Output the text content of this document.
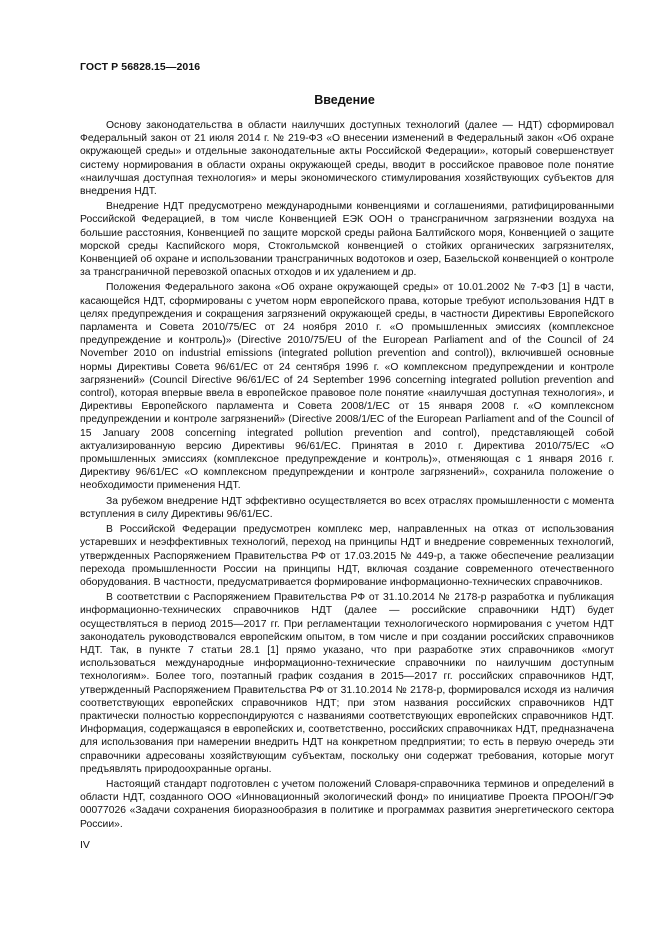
ГОСТ Р 56828.15—2016
Введение

Основу законодательства в области наилучших доступных технологий (далее — НДТ) сформировал Федеральный закон от 21 июля 2014 г. № 219-ФЗ «О внесении изменений в Федеральный закон «Об охране окружающей среды» и отдельные законодательные акты Российской Федерации», который совершенствует систему нормирования в области охраны окружающей среды, вводит в российское правовое поле понятие «наилучшая доступная технология» и меры экономического стимулирования хозяйствующих субъектов для внедрения НДТ.

Внедрение НДТ предусмотрено международными конвенциями и соглашениями, ратифицированными Российской Федерацией, в том числе Конвенцией ЕЭК ООН о трансграничном загрязнении воздуха на большие расстояния, Конвенцией по защите морской среды района Балтийского моря, Конвенцией о защите морской среды Каспийского моря, Стокгольмской конвенцией о стойких органических загрязнителях, Конвенцией об охране и использовании трансграничных водотоков и озер, Базельской конвенцией о контроле за трансграничной перевозкой опасных отходов и их удалением и др.

Положения Федерального закона «Об охране окружающей среды» от 10.01.2002 № 7-ФЗ [1] в части, касающейся НДТ, сформированы с учетом норм европейского права, которые требуют использования НДТ в целях предупреждения и сокращения загрязнений окружающей среды, в частности Директивы Европейского парламента и Совета 2010/75/ЕС от 24 ноября 2010 г. «О промышленных эмиссиях (комплексное предупреждение и контроль)» (Directive 2010/75/EU of the European Parliament and of the Council of 24 November 2010 on industrial emissions (integrated pollution prevention and control)), включившей основные нормы Директивы Совета 96/61/ЕС от 24 сентября 1996 г. «О комплексном предупреждении и контроле загрязнений» (Council Directive 96/61/EC of 24 September 1996 concerning integrated pollution prevention and control), которая впервые ввела в европейское правовое поле понятие «наилучшая доступная технология», и Директивы Европейского парламента и Совета 2008/1/ЕС от 15 января 2008 г. «О комплексном предупреждении и контроле загрязнений» (Directive 2008/1/EC of the European Parliament and of the Council of 15 January 2008 concerning integrated pollution prevention and control), представляющей собой актуализированную версию Директивы 96/61/ЕС. Принятая в 2010 г. Директива 2010/75/ЕС «О промышленных эмиссиях (комплексное предупреждение и контроль)», отменяющая с 1 января 2016 г. Директиву 96/61/ЕС «О комплексном предупреждении и контроле загрязнений», сохранила положение о необходимости применения НДТ.

За рубежом внедрение НДТ эффективно осуществляется во всех отраслях промышленности с момента вступления в силу Директивы 96/61/ЕС.

В Российской Федерации предусмотрен комплекс мер, направленных на отказ от использования устаревших и неэффективных технологий, переход на принципы НДТ и внедрение современных технологий, утвержденных Распоряжением Правительства РФ от 17.03.2015 № 449-р, а также обеспечение реализации перехода промышленности России на принципы НДТ, включая создание современного отечественного оборудования. В частности, предусматривается формирование информационно-технических справочников.

В соответствии с Распоряжением Правительства РФ от 31.10.2014 № 2178-р разработка и публикация информационно-технических справочников НДТ (далее — российские справочники НДТ) будет осуществляться в период 2015—2017 гг. При регламентации технологического нормирования с учетом НДТ законодатель руководствовался европейским опытом, в том числе и при создании российских справочников НДТ. Так, в пункте 7 статьи 28.1 [1] прямо указано, что при разработке этих справочников «могут использоваться международные информационно-технические справочники по наилучшим доступным технологиям». Более того, поэтапный график создания в 2015—2017 гг. российских справочников НДТ, утвержденный Распоряжением Правительства РФ от 31.10.2014 № 2178-р, формировался исходя из наличия соответствующих европейских справочников НДТ; при этом названия российских справочников НДТ практически полностью корреспондируются с названиями соответствующих европейских справочников НДТ. Информация, содержащаяся в европейских и, соответственно, российских справочниках НДТ, предназначена для использования при намерении внедрить НДТ на конкретном предприятии; то есть в первую очередь эти справочники адресованы хозяйствующим субъектам, поскольку они содержат требования, которые могут предъявлять природоохранные органы.

Настоящий стандарт подготовлен с учетом положений Словаря-справочника терминов и определений в области НДТ, созданного ООО «Инновационный экологический фонд» по инициативе Проекта ПРООН/ГЭФ 00077026 «Задачи сохранения биоразнообразия в политике и программах развития энергетического сектора России».

IV
